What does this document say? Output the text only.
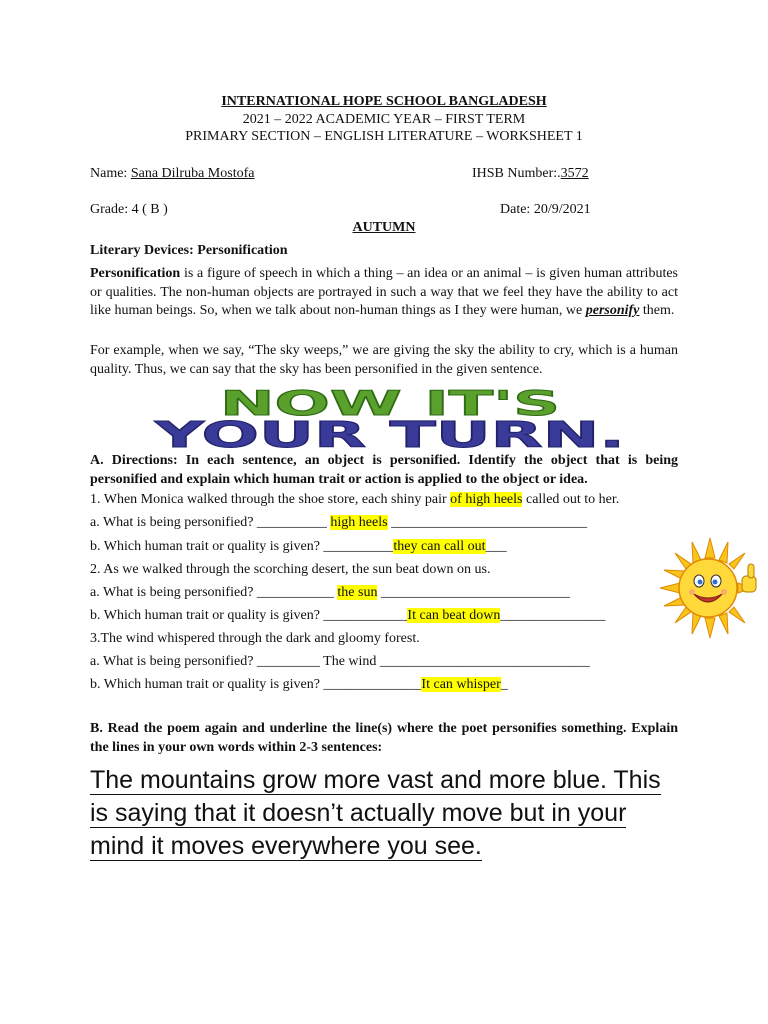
INTERNATIONAL HOPE SCHOOL BANGLADESH
2021 – 2022 ACADEMIC YEAR – FIRST TERM
PRIMARY SECTION – ENGLISH LITERATURE – WORKSHEET 1
Name: Sana Dilruba Mostofa	IHSB Number:.3572
Grade: 4 ( B )	Date: 20/9/2021
AUTUMN
Literary Devices: Personification
Personification is a figure of speech in which a thing – an idea or an animal – is given human attributes or qualities. The non-human objects are portrayed in such a way that we feel they have the ability to act like human beings. So, when we talk about non-human things as I they were human, we personify them.
For example, when we say, “The sky weeps,” we are giving the sky the ability to cry, which is a human quality. Thus, we can say that the sky has been personified in the given sentence.
NOW IT'S
YOUR TURN.
A. Directions: In each sentence, an object is personified. Identify the object that is being personified and explain which human trait or action is applied to the object or idea.
1. When Monica walked through the shoe store, each shiny pair of high heels called out to her.
a. What is being personified? __________ high heels ____________________________
b. Which human trait or quality is given? __________they can call out___
2. As we walked through the scorching desert, the sun beat down on us.
a. What is being personified? ___________ the sun ___________________________
b. Which human trait or quality is given? ____________It can beat down_______________
3.The wind whispered through the dark and gloomy forest.
a. What is being personified? _________ The wind ______________________________
b. Which human trait or quality is given? ______________It can whisper_
B. Read the poem again and underline the line(s) where the poet personifies something. Explain the lines in your own words within 2-3 sentences:
The mountains grow more vast and more blue. This
is saying that it doesn’t actually move but in your
mind it moves everywhere you see.
